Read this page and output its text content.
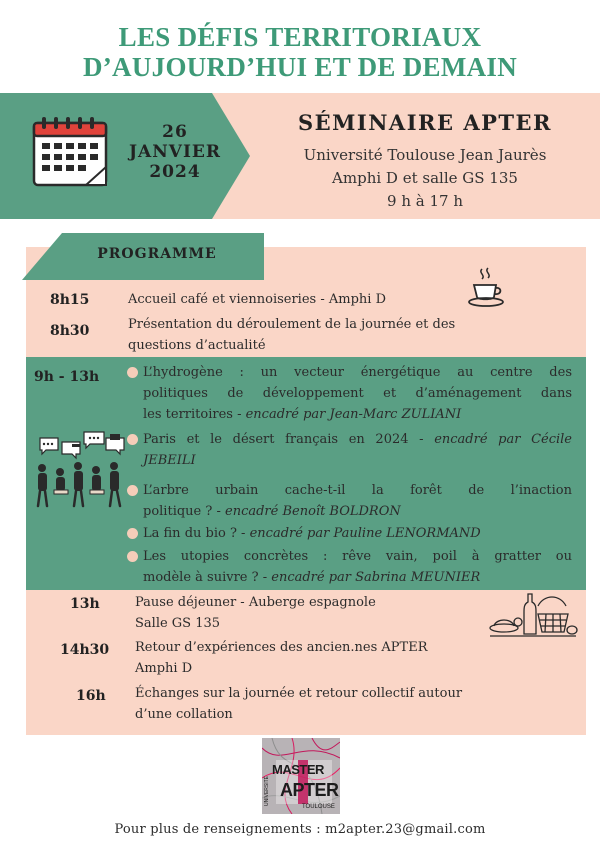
LES DÉFIS TERRITORIAUX
D’AUJOURD’HUI ET DE DEMAIN
26
JANVIER
2024
SÉMINAIRE APTER
Université Toulouse Jean Jaurès
Amphi D et salle GS 135
9 h à 17 h
PROGRAMME
8h15	Accueil café et viennoiseries - Amphi D
8h30	Présentation du déroulement de la journée et des
questions d’actualité
9h - 13h	L’hydrogène : un vecteur énergétique au centre des
politiques de développement et d’aménagement dans
les territoires - encadré par Jean-Marc ZULIANI
Paris et le désert français en 2024 - encadré par Cécile
JEBEILI
L’arbre urbain cache-t-il la forêt de l’inaction
politique ? - encadré Benoît BOLDRON
La fin du bio ? - encadré par Pauline LENORMAND
Les utopies concrètes : rêve vain, poil à gratter ou
modèle à suivre ? - encadré par Sabrina MEUNIER
13h	Pause déjeuner - Auberge espagnole
Salle GS 135
14h30 Retour d’expériences des ancien.nes APTER
Amphi D
16h Échanges sur la journée et retour collectif autour
d’une collation
UNIVERSITÉ
MASTER
APTER
TOULOUSE
Pour plus de renseignements : m2apter.23@gmail.com
